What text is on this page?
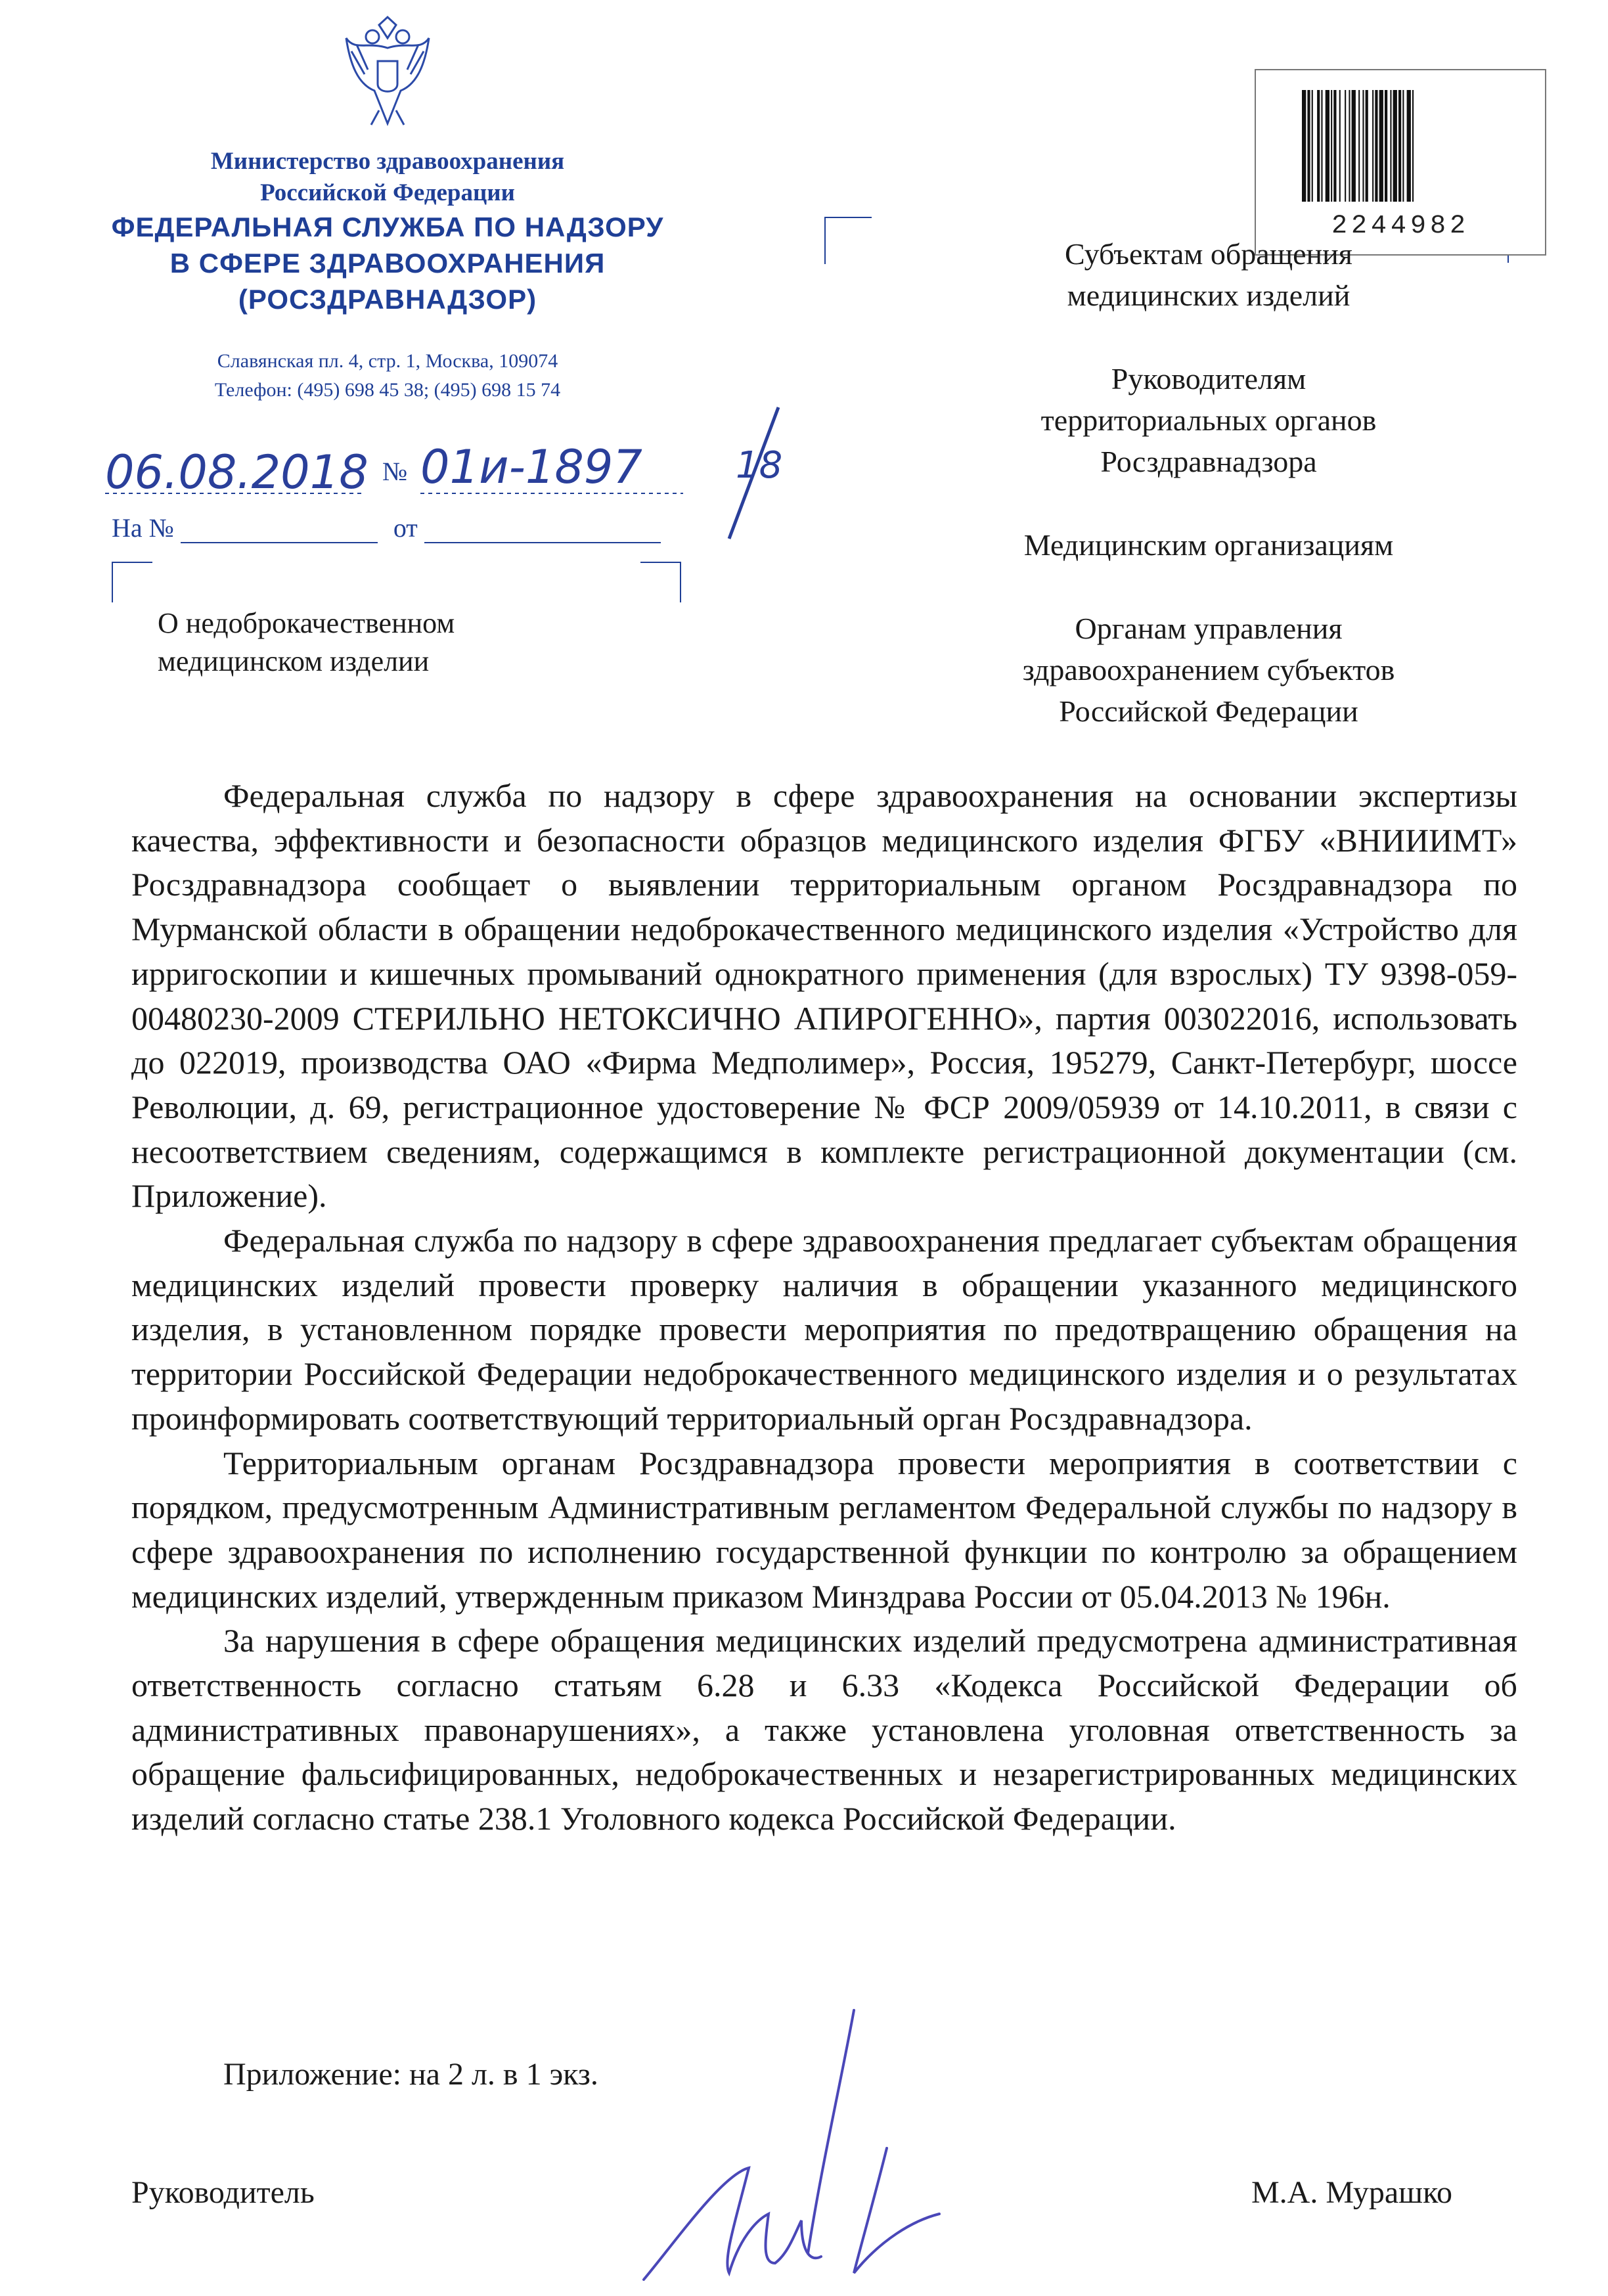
Министерство здравоохранения
Российской Федерации
ФЕДЕРАЛЬНАЯ СЛУЖБА ПО НАДЗОРУ
В СФЕРЕ ЗДРАВООХРАНЕНИЯ
(РОСЗДРАВНАДЗОР)
Славянская пл. 4, стр. 1, Москва, 109074
Телефон: (495) 698 45 38; (495) 698 15 74
06.08.2018 № 01и-1897	18
На №	от
2244982

Субъектам обращения
медицинских изделий

Руководителям
территориальных органов
Росздравнадзора

Медицинским организациям

Органам управления
здравоохранением субъектов
Российской Федерации

О недоброкачественном
медицинском изделии

Федеральная служба по надзору в сфере здравоохранения на основании экспертизы качества, эффективности и безопасности образцов медицинского изделия ФГБУ «ВНИИИМТ» Росздравнадзора сообщает о выявлении территориальным органом Росздравнадзора по Мурманской области в обращении недоброкачественного медицинского изделия «Устройство для ирригоскопии и кишечных промываний однократного применения (для взрослых) ТУ 9398-059-00480230-2009 СТЕРИЛЬНО НЕТОКСИЧНО АПИРОГЕННО», партия 003022016, использовать до 022019, производства ОАО «Фирма Медполимер», Россия, 195279, Санкт-Петербург, шоссе Революции, д. 69, регистрационное удостоверение № ФСР 2009/05939 от 14.10.2011, в связи с несоответствием сведениям, содержащимся в комплекте регистрационной документации (см. Приложение).

Федеральная служба по надзору в сфере здравоохранения предлагает субъектам обращения медицинских изделий провести проверку наличия в обращении указанного медицинского изделия, в установленном порядке провести мероприятия по предотвращению обращения на территории Российской Федерации недоброкачественного медицинского изделия и о результатах проинформировать соответствующий территориальный орган Росздравнадзора.

Территориальным органам Росздравнадзора провести мероприятия в соответствии с порядком, предусмотренным Административным регламентом Федеральной службы по надзору в сфере здравоохранения по исполнению государственной функции по контролю за обращением медицинских изделий, утвержденным приказом Минздрава России от 05.04.2013 № 196н.

За нарушения в сфере обращения медицинских изделий предусмотрена административная ответственность согласно статьям 6.28 и 6.33 «Кодекса Российской Федерации об административных правонарушениях», а также установлена уголовная ответственность за обращение фальсифицированных, недоброкачественных и незарегистрированных медицинских изделий согласно статье 238.1 Уголовного кодекса Российской Федерации.

Приложение: на 2 л. в 1 экз.
Руководитель	М.А. Мурашко
